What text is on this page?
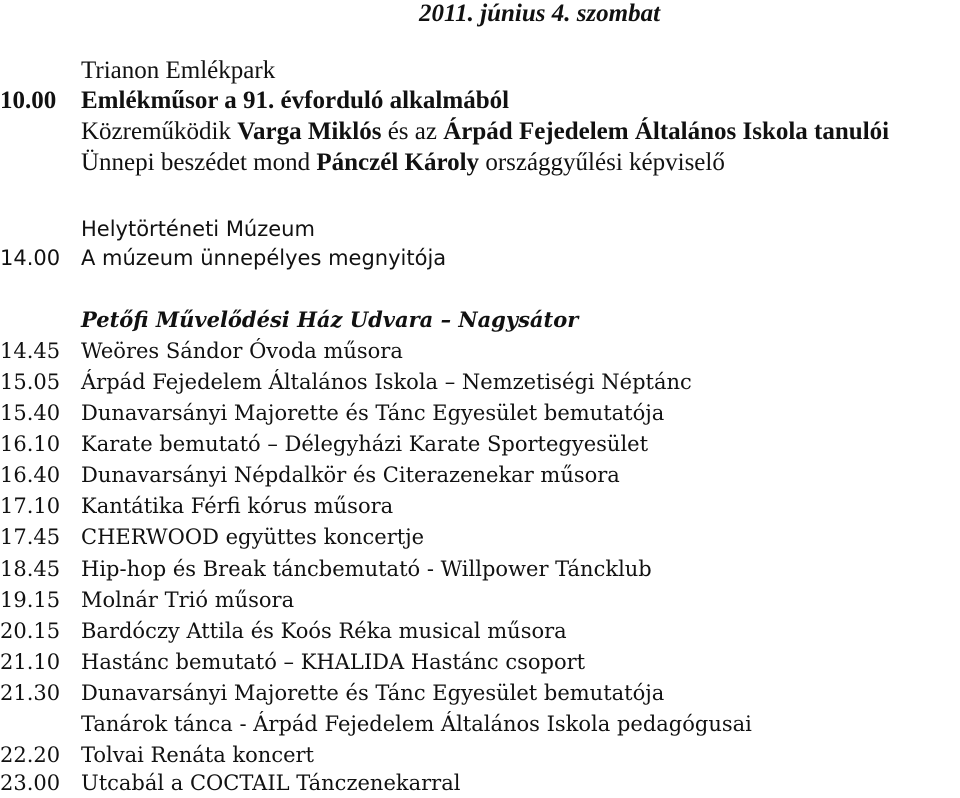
2011. június 4. szombat
Trianon Emlékpark
10.00 Emlékműsor a 91. évforduló alkalmából
Közreműködik Varga Miklós és az Árpád Fejedelem Általános Iskola tanulói
Ünnepi beszédet mond Pánczél Károly országgyűlési képviselő
Helytörténeti Múzeum
14.00 A múzeum ünnepélyes megnyitója
Petőfi Művelődési Ház Udvara – Nagysátor
14.45 Weöres Sándor Óvoda műsora
15.05 Árpád Fejedelem Általános Iskola – Nemzetiségi Néptánc
15.40 Dunavarsányi Majorette és Tánc Egyesület bemutatója
16.10 Karate bemutató – Délegyházi Karate Sportegyesület
16.40 Dunavarsányi Népdalkör és Citerazenekar műsora
17.10 Kantátika Férfi kórus műsora
17.45 CHERWOOD együttes koncertje
18.45 Hip-hop és Break táncbemutató - Willpower Táncklub
19.15 Molnár Trió műsora
20.15 Bardóczy Attila és Koós Réka musical műsora
21.10 Hastánc bemutató – KHALIDA Hastánc csoport
21.30 Dunavarsányi Majorette és Tánc Egyesület bemutatója
Tanárok tánca - Árpád Fejedelem Általános Iskola pedagógusai
22.20 Tolvai Renáta koncert
23.00 Utcabál a COCTAIL Tánczenekarral
